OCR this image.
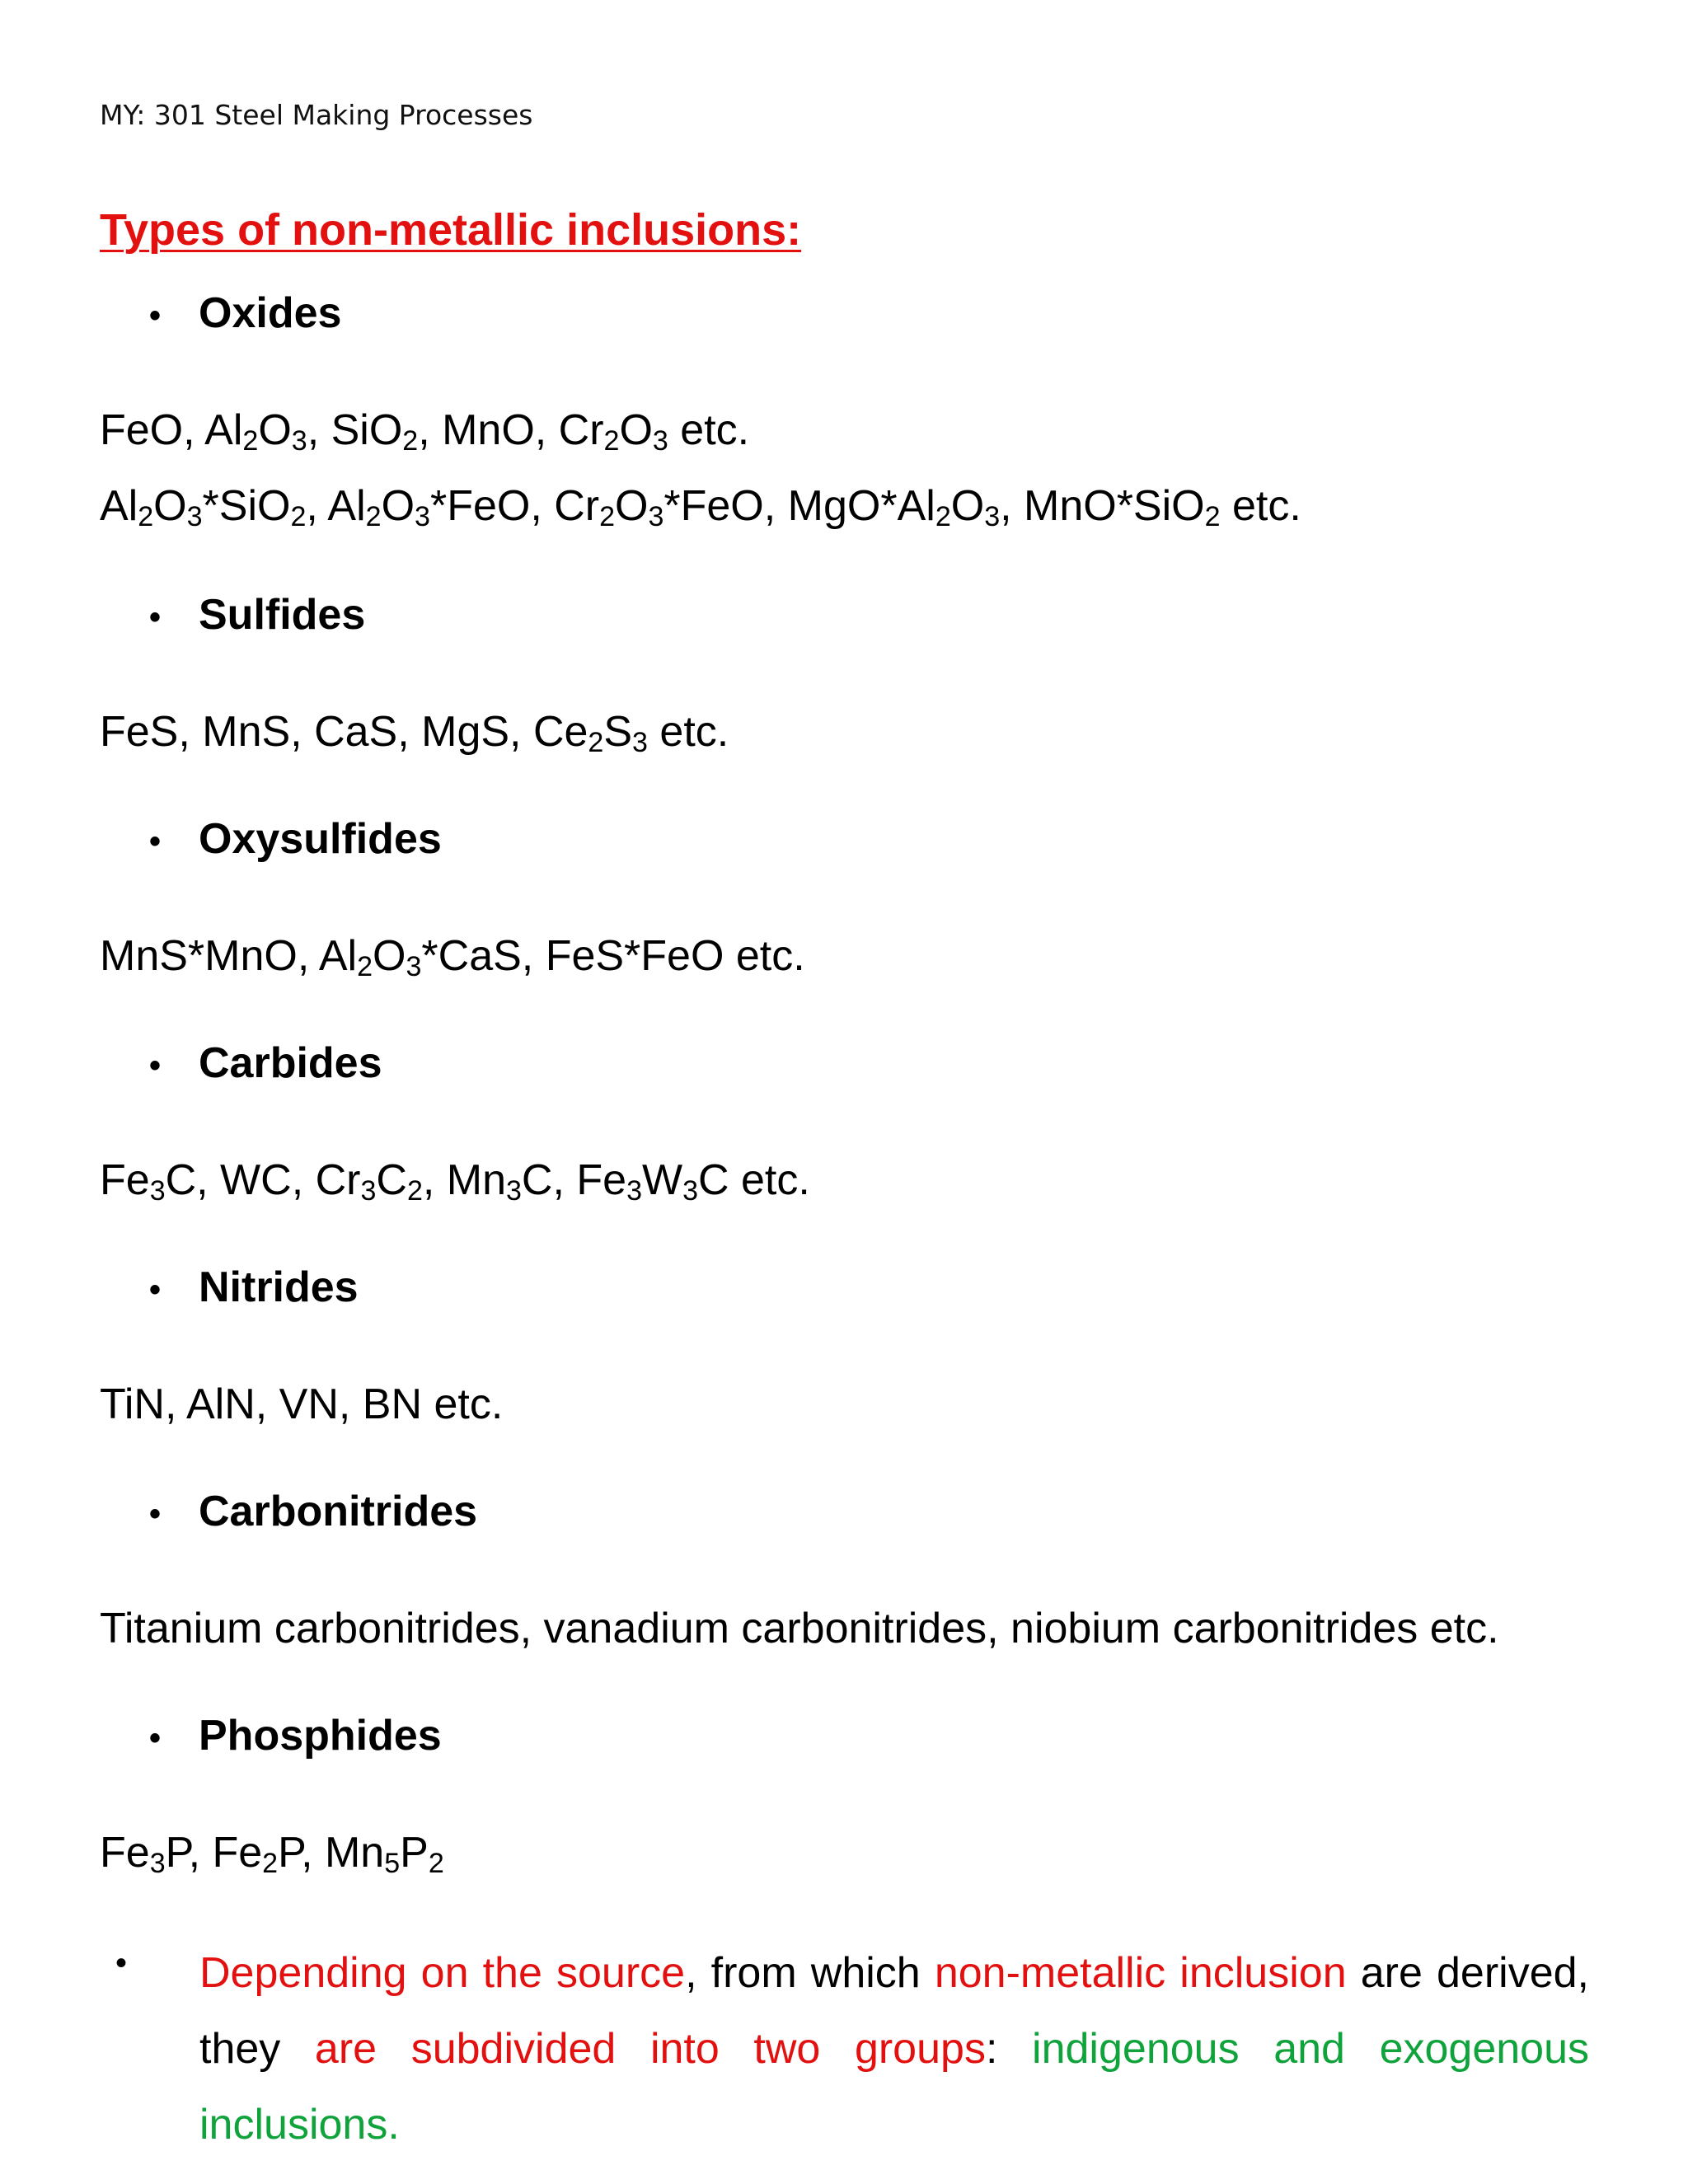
MY: 301 Steel Making Processes
Types of non-metallic inclusions:
• Oxides
FeO, $Al_2O_3$, SiO$_2$, MnO, $Cr_2O_3$ etc.
$Al_2O_3*SiO_2$, $Al_2O_3*FeO$, $Cr_2O_3*FeO$, $MgO*Al_2O_3$, MnO*SiO$_2$ etc.
• Sulfides
FeS, MnS, CaS, MgS, $Ce_2S_3$ etc.
• Oxysulfides
MnS*MnO, $Al_2O_3*CaS$, FeS*FeO etc.
• Carbides
$Fe_3C$, WC, $Cr_3C_2$, $Mn_3C$, $Fe_3W_3C$ etc.
• Nitrides
TiN, AlN, VN, BN etc.
• Carbonitrides
Titanium carbonitrides, vanadium carbonitrides, niobium carbonitrides etc.
• Phosphides
$Fe_3P$, $Fe_2P$, $Mn_5P_2$
• Depending on the source, from which non-metallic inclusion are derived, they are subdivided into two groups: indigenous and exogenous inclusions.
